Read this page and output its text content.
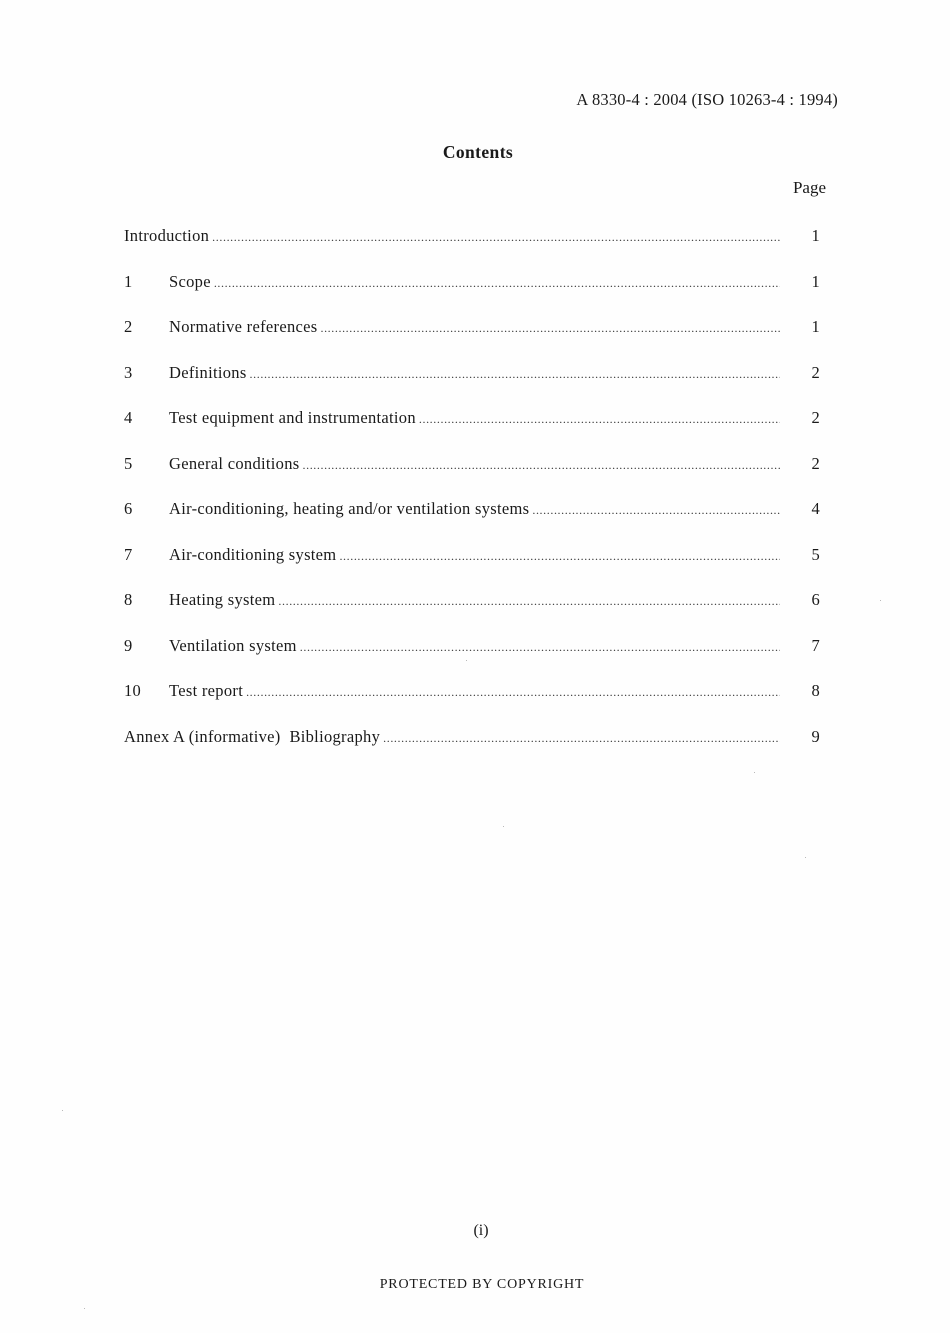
A 8330-4 : 2004 (ISO 10263-4 : 1994)
Contents
Page
Introduction .....	1
1	Scope .....	1
2	Normative references .....	1
3	Definitions .....	2
4	Test equipment and instrumentation .....	2
5	General conditions .....	2
6	Air-conditioning, heating and/or ventilation systems .....	4
7	Air-conditioning system .....	5
8	Heating system .....	6
9	Ventilation system .....	7
10	Test report .....	8
Annex A (informative)  Bibliography .....	9
(i)
PROTECTED BY COPYRIGHT
